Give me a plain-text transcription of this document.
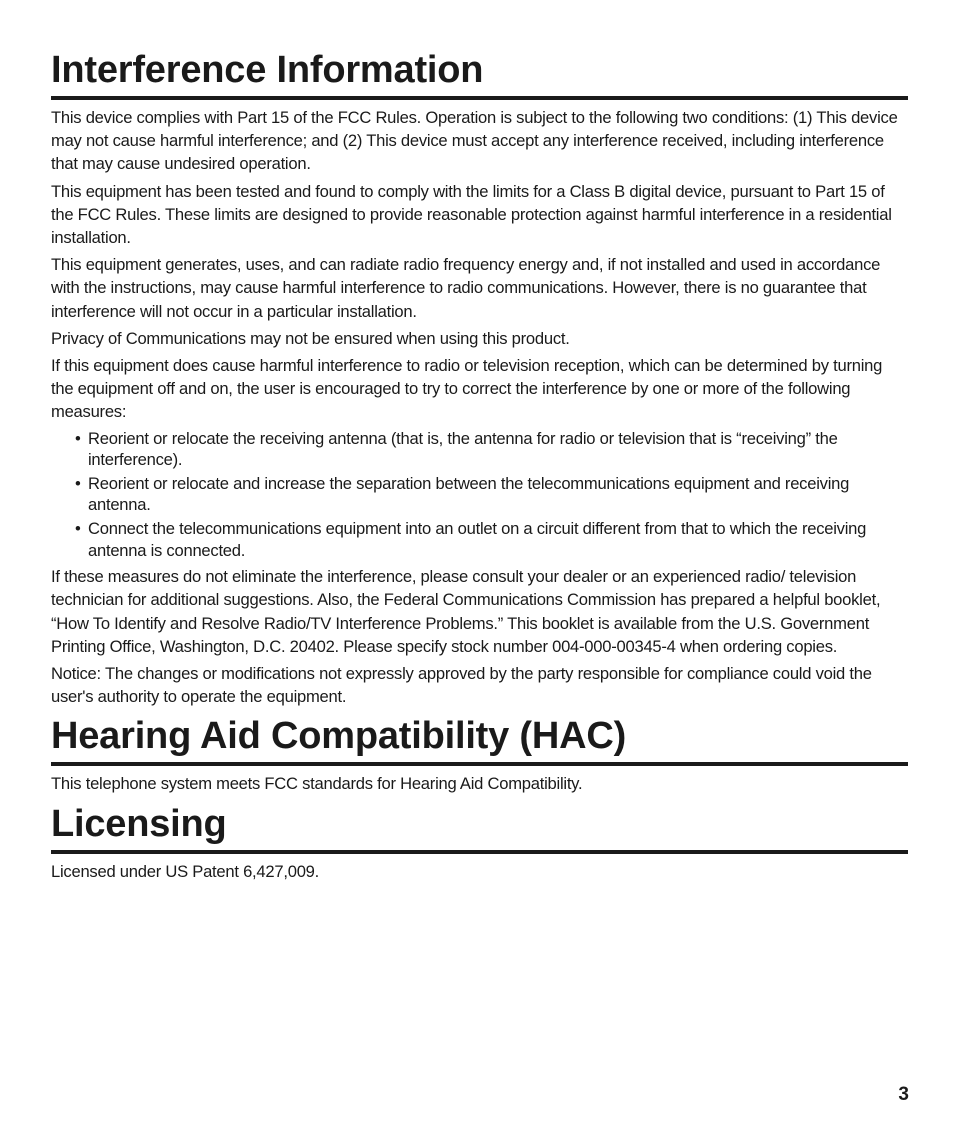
Interference Information

This device complies with Part 15 of the FCC Rules. Operation is subject to the following two conditions: (1) This device may not cause harmful interference; and (2) This device must accept any interference received, including interference that may cause undesired operation.

This equipment has been tested and found to comply with the limits for a Class B digital device, pursuant to Part 15 of the FCC Rules. These limits are designed to provide reasonable protection against harmful interference in a residential installation.

This equipment generates, uses, and can radiate radio frequency energy and, if not installed and used in accordance with the instructions, may cause harmful interference to radio communications. However, there is no guarantee that interference will not occur in a particular installation.

Privacy of Communications may not be ensured when using this product.

If this equipment does cause harmful interference to radio or television reception, which can be determined by turning the equipment off and on, the user is encouraged to try to correct the interference by one or more of the following measures:

• Reorient or relocate the receiving antenna (that is, the antenna for radio or television that is “receiving” the interference).
• Reorient or relocate and increase the separation between the telecommunications equipment and receiving antenna.
• Connect the telecommunications equipment into an outlet on a circuit different from that to which the receiving antenna is connected.

If these measures do not eliminate the interference, please consult your dealer or an experienced radio/ television technician for additional suggestions. Also, the Federal Communications Commission has prepared a helpful booklet, “How To Identify and Resolve Radio/TV Interference Problems.” This booklet is available from the U.S. Government Printing Office, Washington, D.C. 20402. Please specify stock number 004-000-00345-4 when ordering copies.

Notice: The changes or modifications not expressly approved by the party responsible for compliance could void the user's authority to operate the equipment.

Hearing Aid Compatibility (HAC)

This telephone system meets FCC standards for Hearing Aid Compatibility.

Licensing

Licensed under US Patent 6,427,009.

3
